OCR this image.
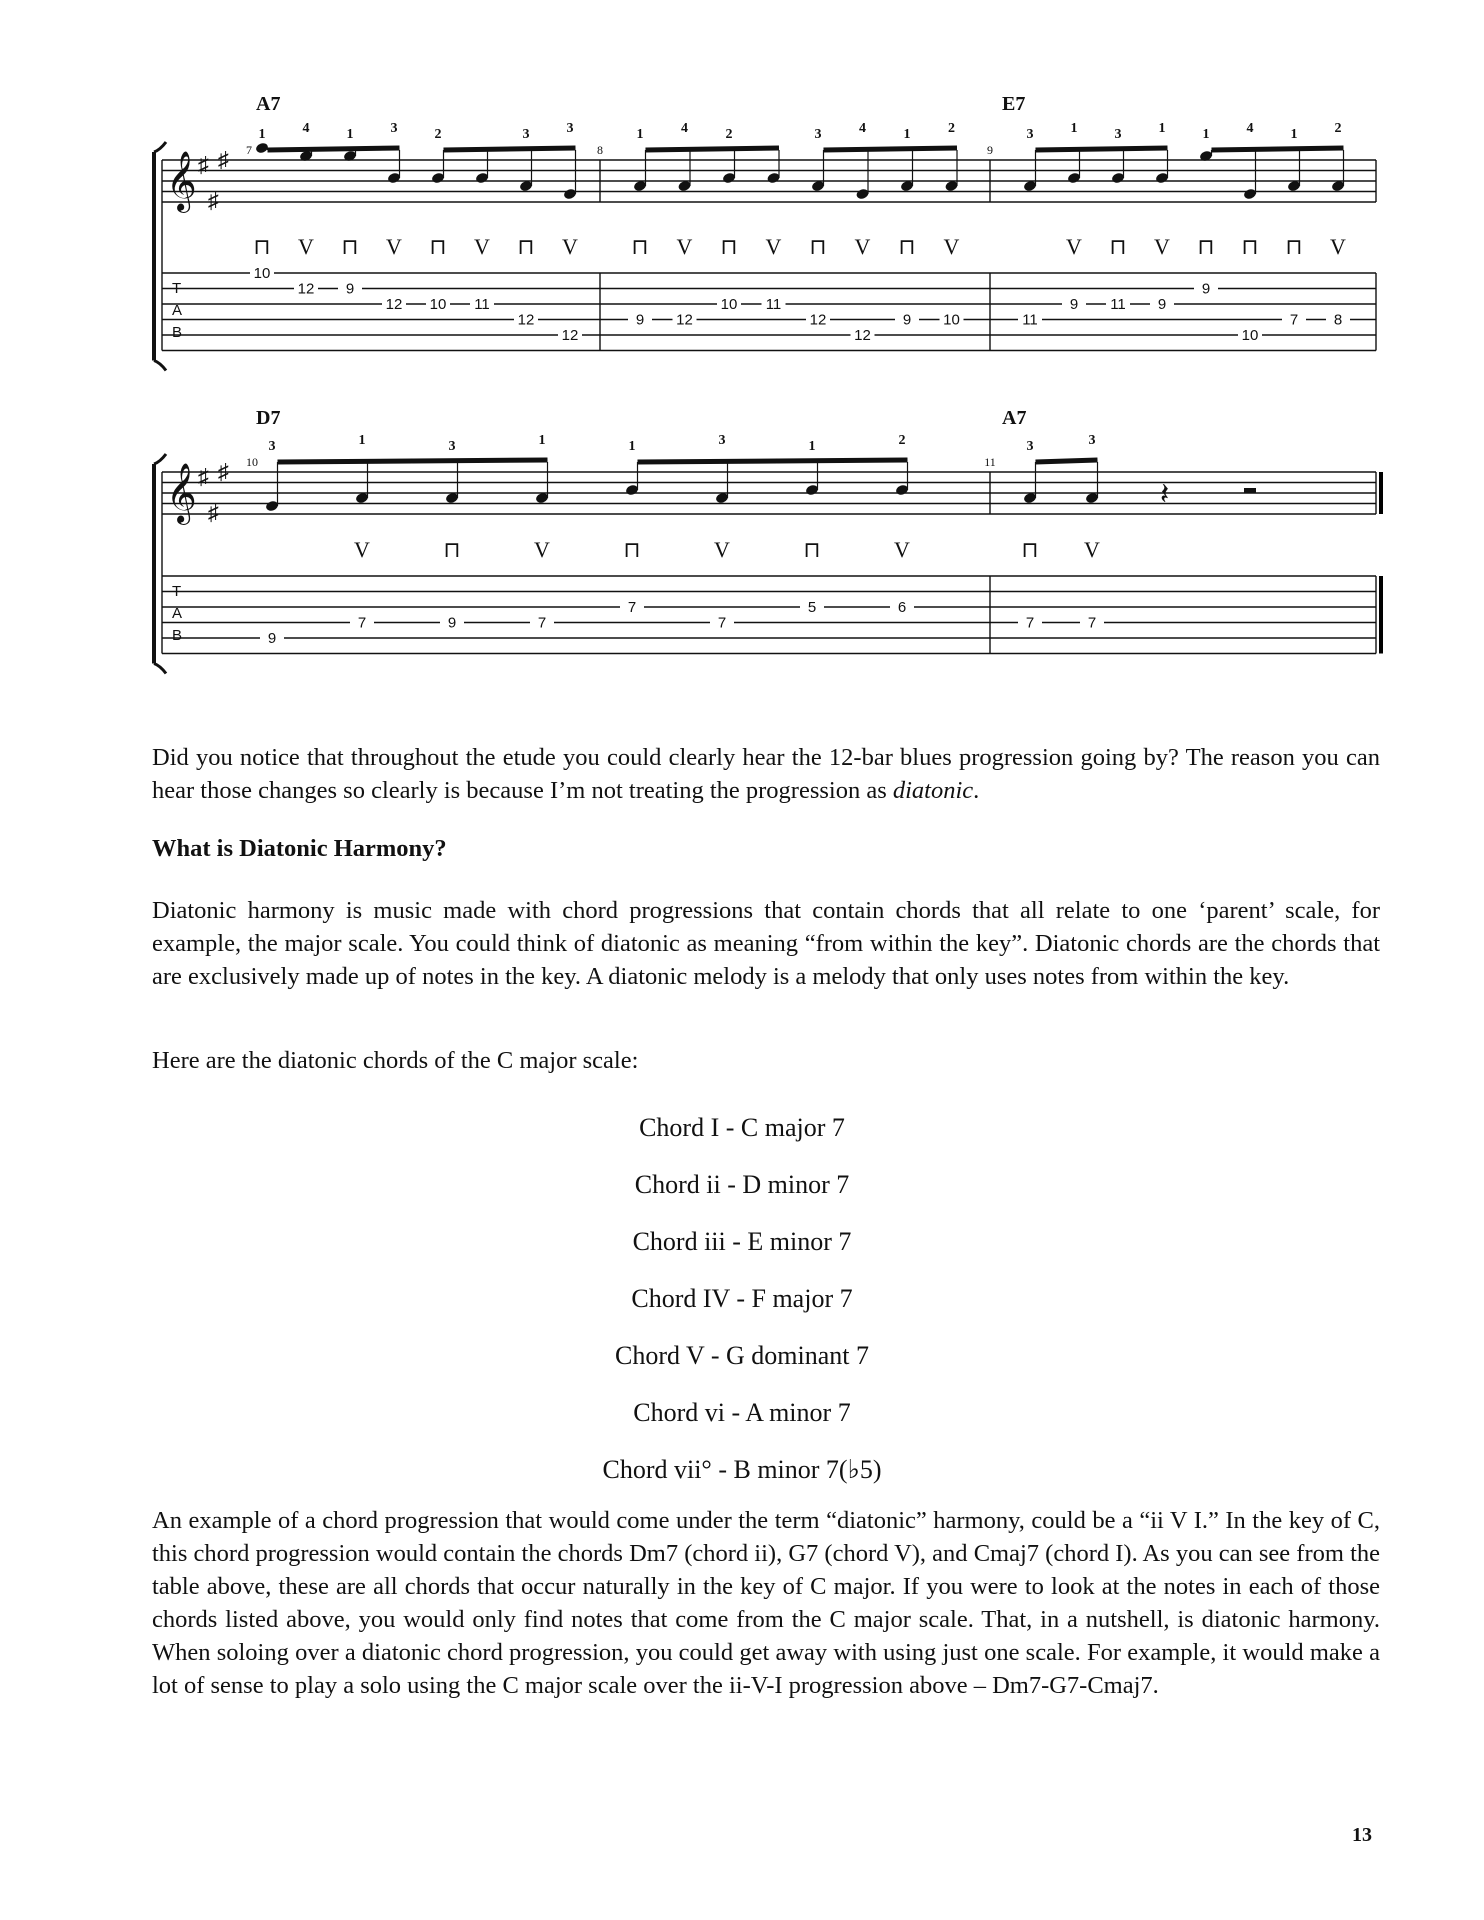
𝄞 ♯
♯
♯
T
A
B
7
A7
10
1
⊓
12
4
V
9
1
⊓
12
3
V
10
2
⊓
11
V
12
3
⊓
12
3
V
8
9
1
⊓
12
4
V
10
2
⊓
11
V
12
3
⊓
12
4
V
9
1
⊓
10
2
V
9
E7
11
3
9
1
V
11
3
⊓
9
1
V
9
1
⊓
10
4
⊓
7
1
⊓
8
2
V
𝄞 ♯
♯
♯
T
A
B
10
D7
9
3
7
1
V
9
3
⊓
7
1
V
7
1
⊓
7
3
V
5
1
⊓
6
2
V
11
A7
7
3
⊓
7
3
V
𝄽
Did you notice that throughout the etude you could clearly hear the 12-bar blues progression going by? The reason you can hear those changes so clearly is because I’m not treating the progression as diatonic.
What is Diatonic Harmony?
Diatonic harmony is music made with chord progressions that contain chords that all relate to one ‘parent’ scale, for example, the major scale. You could think of diatonic as meaning “from within the key”. Diatonic chords are the chords that are exclusively made up of notes in the key. A diatonic melody is a melody that only uses notes from within the key.
Here are the diatonic chords of the C major scale:
Chord I - C major 7
Chord ii - D minor 7
Chord iii - E minor 7
Chord IV - F major 7
Chord V - G dominant 7
Chord vi - A minor 7
Chord vii° - B minor 7(♭5)
An example of a chord progression that would come under the term “diatonic” harmony, could be a “ii V I.” In the key of C, this chord progression would contain the chords Dm7 (chord ii), G7 (chord V), and Cmaj7 (chord I). As you can see from the table above, these are all chords that occur naturally in the key of C major. If you were to look at the notes in each of those chords listed above, you would only find notes that come from the C major scale. That, in a nutshell, is diatonic harmony. When soloing over a diatonic chord progression, you could get away with using just one scale. For example, it would make a lot of sense to play a solo using the C major scale over the ii-V-I progression above – Dm7-G7-Cmaj7.
13
